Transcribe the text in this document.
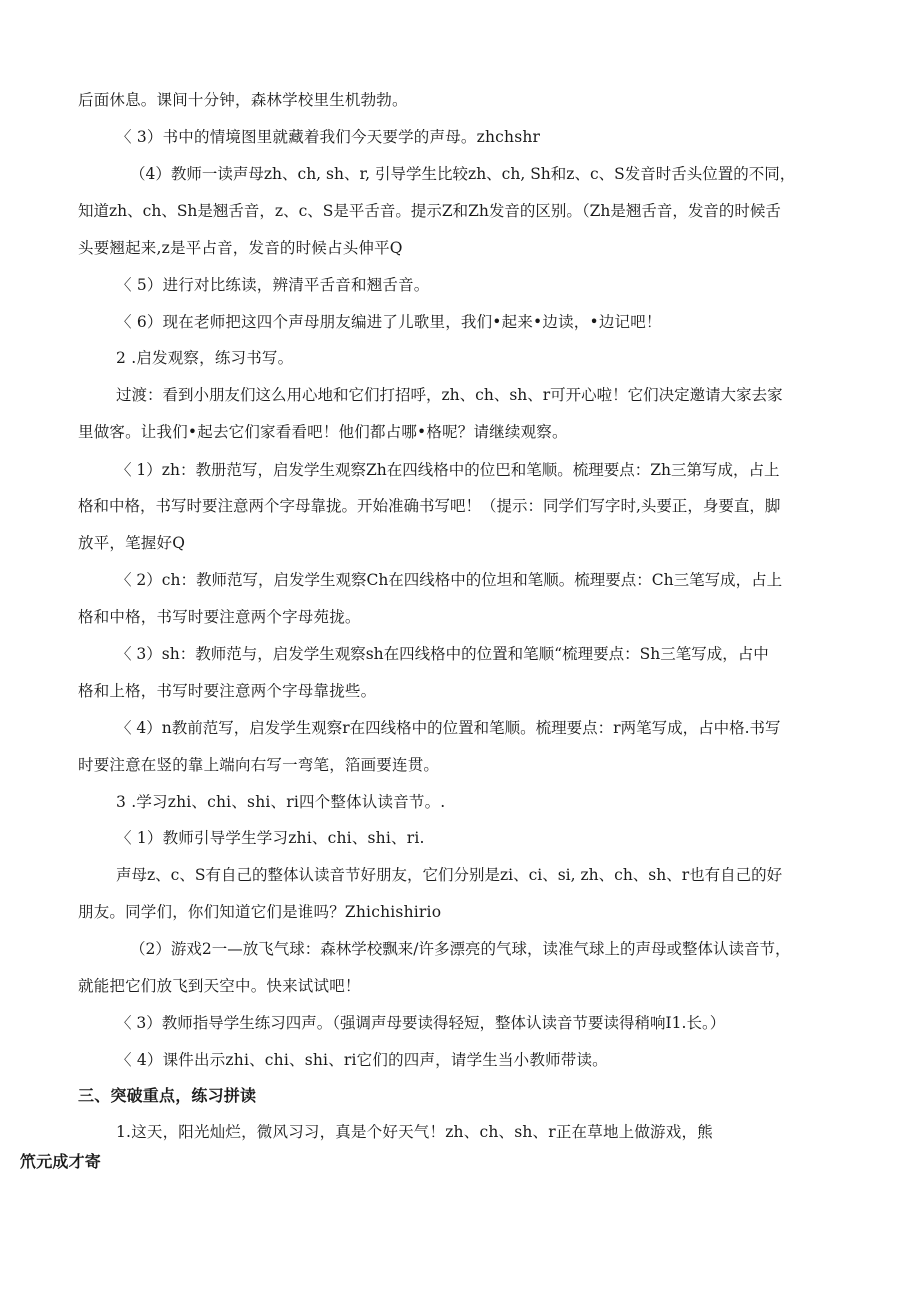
后面休息。课间十分钟，森林学校里生机勃勃。
〈 3）书中的情境图里就藏着我们今天要学的声母。zhchshr
（4）教师一读声母zh、ch, sh、r, 引导学生比较zh、ch, Sh和z、c、S发音时舌头位置的不同，
知道zh、ch、Sh是翘舌音，z、c、S是平舌音。提示Z和Zh发音的区别。（Zh是翘舌音，发音的时候舌
头要翘起来,z是平占音，发音的时候占头伸平Q
〈 5）进行对比练读，辨清平舌音和翘舌音。
〈 6）现在老师把这四个声母朋友编进了儿歌里，我们•起来•边读，•边记吧！
2 .启发观察，练习书写。
过渡：看到小朋友们这么用心地和它们打招呼，zh、ch、sh、r可开心啦！它们决定邀请大家去家
里做客。让我们•起去它们家看看吧！他们都占哪•格呢？请继续观察。
〈 1）zh：教册范写，启发学生观察Zh在四线格中的位巴和笔顺。梳理要点：Zh三第写成，占上
格和中格，书写时要注意两个字母靠拢。开始准确书写吧！（提示：同学们写字时,头要正，身要直，脚
放平，笔握好Q
〈 2）ch：教师范写，启发学生观察Ch在四线格中的位坦和笔顺。梳理要点：Ch三笔写成，占上
格和中格，书写时要注意两个字母苑拢。
〈 3）sh：教师范与，启发学生观察sh在四线格中的位置和笔顺“梳理要点：Sh三笔写成，占中
格和上格，书写时要注意两个字母靠拢些。
〈 4）n教前范写，启发学生观察r在四线格中的位置和笔顺。梳理要点：r两笔写成，占中格.书写
时要注意在竖的靠上端向右写一弯笔，箔画要连贯。
3 .学习zhi、chi、shi、ri四个整体认读音节。.
〈 1）教师引导学生学习zhi、chi、shi、ri.
声母z、c、S有自己的整体认读音节好朋友，它们分别是zi、ci、si, zh、ch、sh、r也有自己的好
朋友。同学们，你们知道它们是谁吗？Zhichishirio
（2）游戏2一—放飞气球：森林学校飘来/许多漂亮的气球，读准气球上的声母或整体认读音节，
就能把它们放飞到天空中。快来试试吧！
〈 3）教师指导学生练习四声。（强调声母要读得轻短，整体认读音节要读得稍响I1.长。）
〈 4）课件出示zhi、chi、shi、ri它们的四声，请学生当小教师带读。
三、突破重点，练习拼读
1.这天，阳光灿烂，微风习习，真是个好天气！zh、ch、sh、r正在草地上做游戏，熊
笊元成才寄
